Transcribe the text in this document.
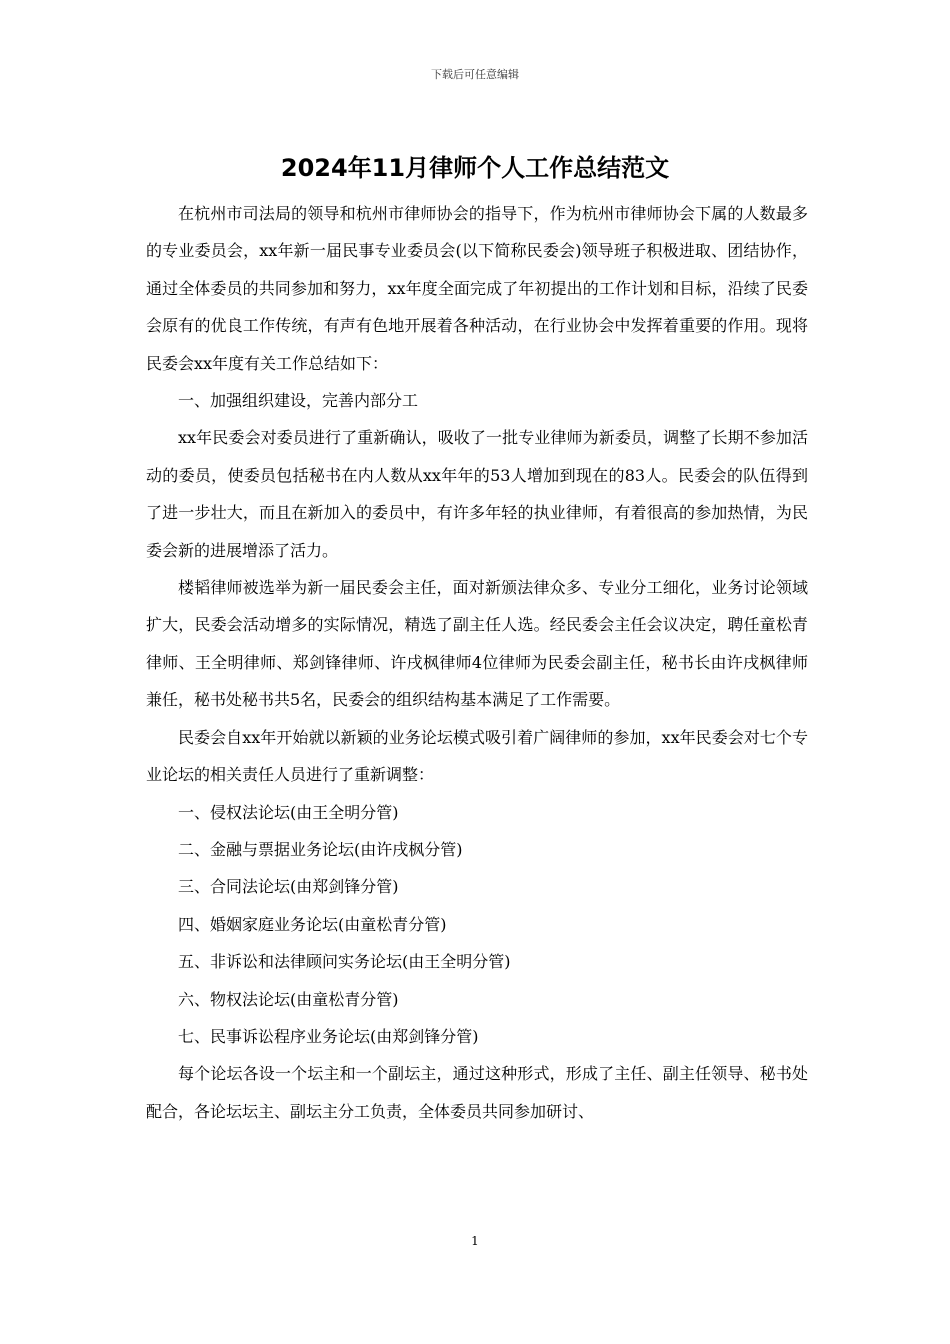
下载后可任意编辑
2024年11月律师个人工作总结范文

在杭州市司法局的领导和杭州市律师协会的指导下，作为杭州市律师协会下属的人数最多的专业委员会，xx年新一届民事专业委员会(以下简称民委会)领导班子积极进取、团结协作，通过全体委员的共同参加和努力，xx年度全面完成了年初提出的工作计划和目标，沿续了民委会原有的优良工作传统，有声有色地开展着各种活动，在行业协会中发挥着重要的作用。现将民委会xx年度有关工作总结如下：

一、加强组织建设，完善内部分工

xx年民委会对委员进行了重新确认，吸收了一批专业律师为新委员，调整了长期不参加活动的委员，使委员包括秘书在内人数从xx年年的53人增加到现在的83人。民委会的队伍得到了进一步壮大，而且在新加入的委员中，有许多年轻的执业律师，有着很高的参加热情，为民委会新的进展增添了活力。

楼韬律师被选举为新一届民委会主任，面对新颁法律众多、专业分工细化，业务讨论领域扩大，民委会活动增多的实际情况，精选了副主任人选。经民委会主任会议决定，聘任童松青律师、王全明律师、郑剑锋律师、许戌枫律师4位律师为民委会副主任，秘书长由许戌枫律师兼任，秘书处秘书共5名，民委会的组织结构基本满足了工作需要。

民委会自xx年开始就以新颖的业务论坛模式吸引着广阔律师的参加，xx年民委会对七个专业论坛的相关责任人员进行了重新调整：

一、侵权法论坛(由王全明分管)

二、金融与票据业务论坛(由许戌枫分管)

三、合同法论坛(由郑剑锋分管)

四、婚姻家庭业务论坛(由童松青分管)

五、非诉讼和法律顾问实务论坛(由王全明分管)

六、物权法论坛(由童松青分管)

七、民事诉讼程序业务论坛(由郑剑锋分管)

每个论坛各设一个坛主和一个副坛主，通过这种形式，形成了主任、副主任领导、秘书处配合，各论坛坛主、副坛主分工负责，全体委员共同参加研讨、

1
